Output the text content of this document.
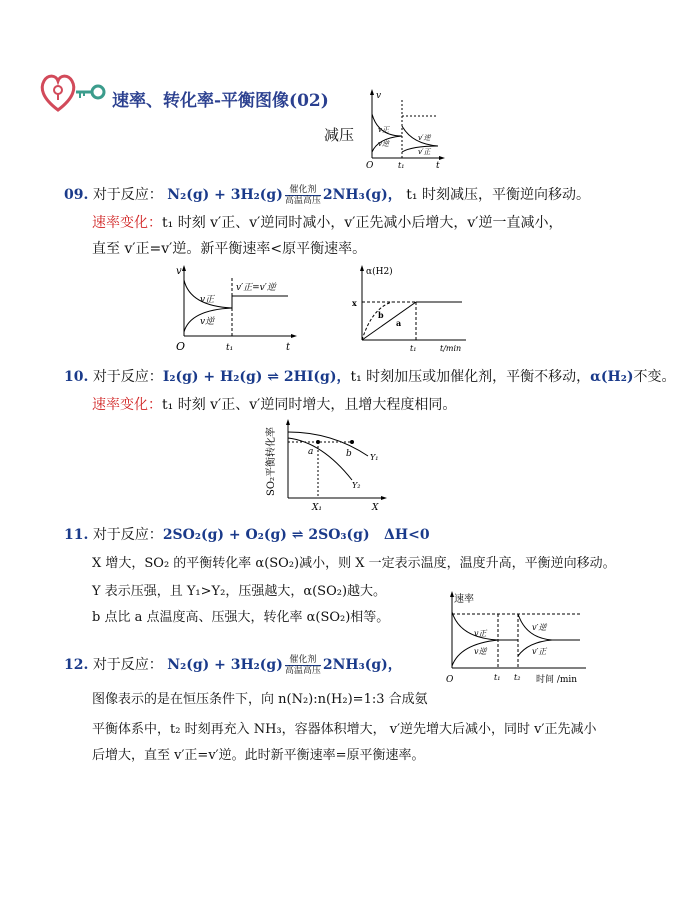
速率、转化率-平衡图像(02)
减压
v
O	t₁	t
v正
v逆
v′逆
v′正
09. 对于反应： $N_2(g) + 3H_2(g) \frac{\text{催化剂}}{\text{高温高压}} 2NH_3(g)$， t₁ 时刻减压，平衡逆向移动。
速率变化：t₁ 时刻 v′正、v′逆同时减小，v′正先减小后增大，v′逆一直减小，
直至 v′正=v′逆。新平衡速率<原平衡速率。
v
O	t₁	t
v正
v逆
v′正=v′逆
α(H2)
x
t₁	t/min
b
a
10. 对于反应：I₂(g) + H₂(g) ⇌ 2HI(g)，t₁ 时刻加压或加催化剂，平衡不移动，α(H₂)不变。
速率变化：t₁ 时刻 v′正、v′逆同时增大，且增大程度相同。
SO₂平衡转化率	a	b Y₁
Y₂
X₁	X
11. 对于反应：2SO₂(g) + O₂(g) ⇌ 2SO₃(g) ΔH<0
X 增大，SO₂ 的平衡转化率 α(SO₂)减小，则 X 一定表示温度，温度升高，平衡逆向移动。
Y 表示压强，且 Y₁>Y₂，压强越大，α(SO₂)越大。
b 点比 a 点温度高、压强大，转化率 α(SO₂)相等。
速率
v正
v逆
v′逆
v′正
O	t₁ t₂ 时间 /min
12. 对于反应： $N_2(g) + 3H_2(g) \frac{\text{催化剂}}{\text{高温高压}} 2NH_3(g)$，
图像表示的是在恒压条件下，向 n(N₂):n(H₂)=1:3 合成氨
平衡体系中，t₂ 时刻再充入 NH₃，容器体积增大， v′逆先增大后减小，同时 v′正先减小
后增大，直至 v′正=v′逆。此时新平衡速率=原平衡速率。
